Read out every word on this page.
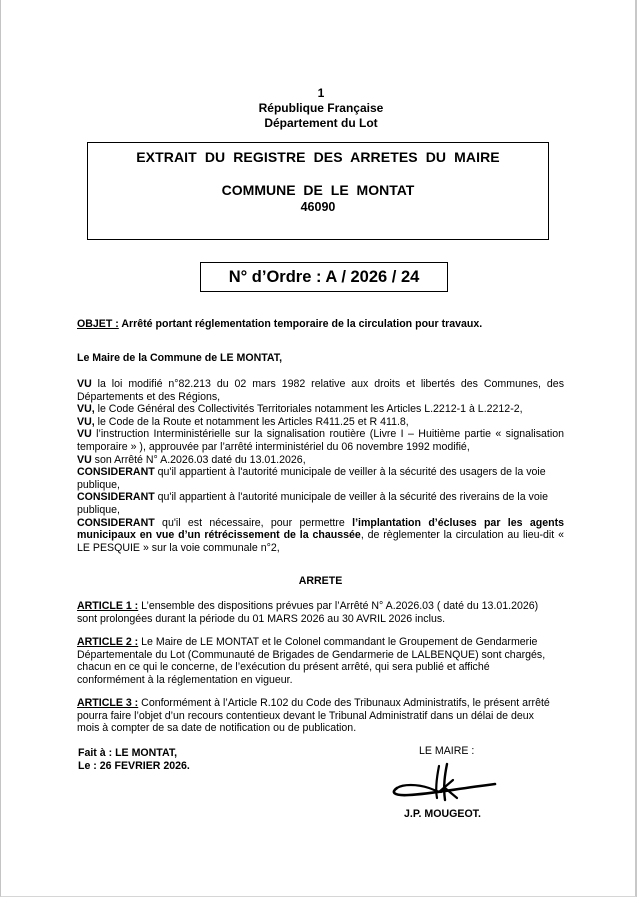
1
République Française
Département du Lot
EXTRAIT DU REGISTRE DES ARRETES DU MAIRE
COMMUNE DE LE MONTAT
46090
N° d’Ordre : A / 2026 / 24
OBJET : Arrêté portant réglementation temporaire de la circulation pour travaux.
Le Maire de la Commune de LE MONTAT,
VU la loi modifié n°82.213 du 02 mars 1982 relative aux droits et libertés des Communes, des Départements et des Régions,
VU, le Code Général des Collectivités Territoriales notamment les Articles L.2212-1 à L.2212-2,
VU, le Code de la Route et notamment les Articles R411.25 et R 411.8,
VU l’instruction Interministérielle sur la signalisation routière (Livre I – Huitième partie « signalisation temporaire » ), approuvée par l’arrêté interministériel du 06 novembre 1992 modifié,
VU son Arrêté N° A.2026.03 daté du 13.01.2026,
CONSIDERANT qu'il appartient à l'autorité municipale de veiller à la sécurité des usagers de la voie publique,
CONSIDERANT qu'il appartient à l'autorité municipale de veiller à la sécurité des riverains de la voie publique,
CONSIDERANT qu'il est nécessaire, pour permettre l’implantation d’écluses par les agents municipaux en vue d’un rétrécissement de la chaussée, de règlementer la circulation au lieu-dit « LE PESQUIE » sur la voie communale n°2,
ARRETE
ARTICLE 1 : L’ensemble des dispositions prévues par l’Arrêté N° A.2026.03 ( daté du 13.01.2026) sont prolongées durant la période du 01 MARS 2026 au 30 AVRIL 2026 inclus.
ARTICLE 2 : Le Maire de LE MONTAT et le Colonel commandant le Groupement de Gendarmerie Départementale du Lot (Communauté de Brigades de Gendarmerie de LALBENQUE) sont chargés, chacun en ce qui le concerne, de l’exécution du présent arrêté, qui sera publié et affiché conformément à la réglementation en vigueur.
ARTICLE 3 : Conformément à l’Article R.102 du Code des Tribunaux Administratifs, le présent arrêté pourra faire l’objet d’un recours contentieux devant le Tribunal Administratif dans un délai de deux mois à compter de sa date de notification ou de publication.
Fait à : LE MONTAT,
Le : 26 FEVRIER 2026.
LE MAIRE :
J.P. MOUGEOT.
